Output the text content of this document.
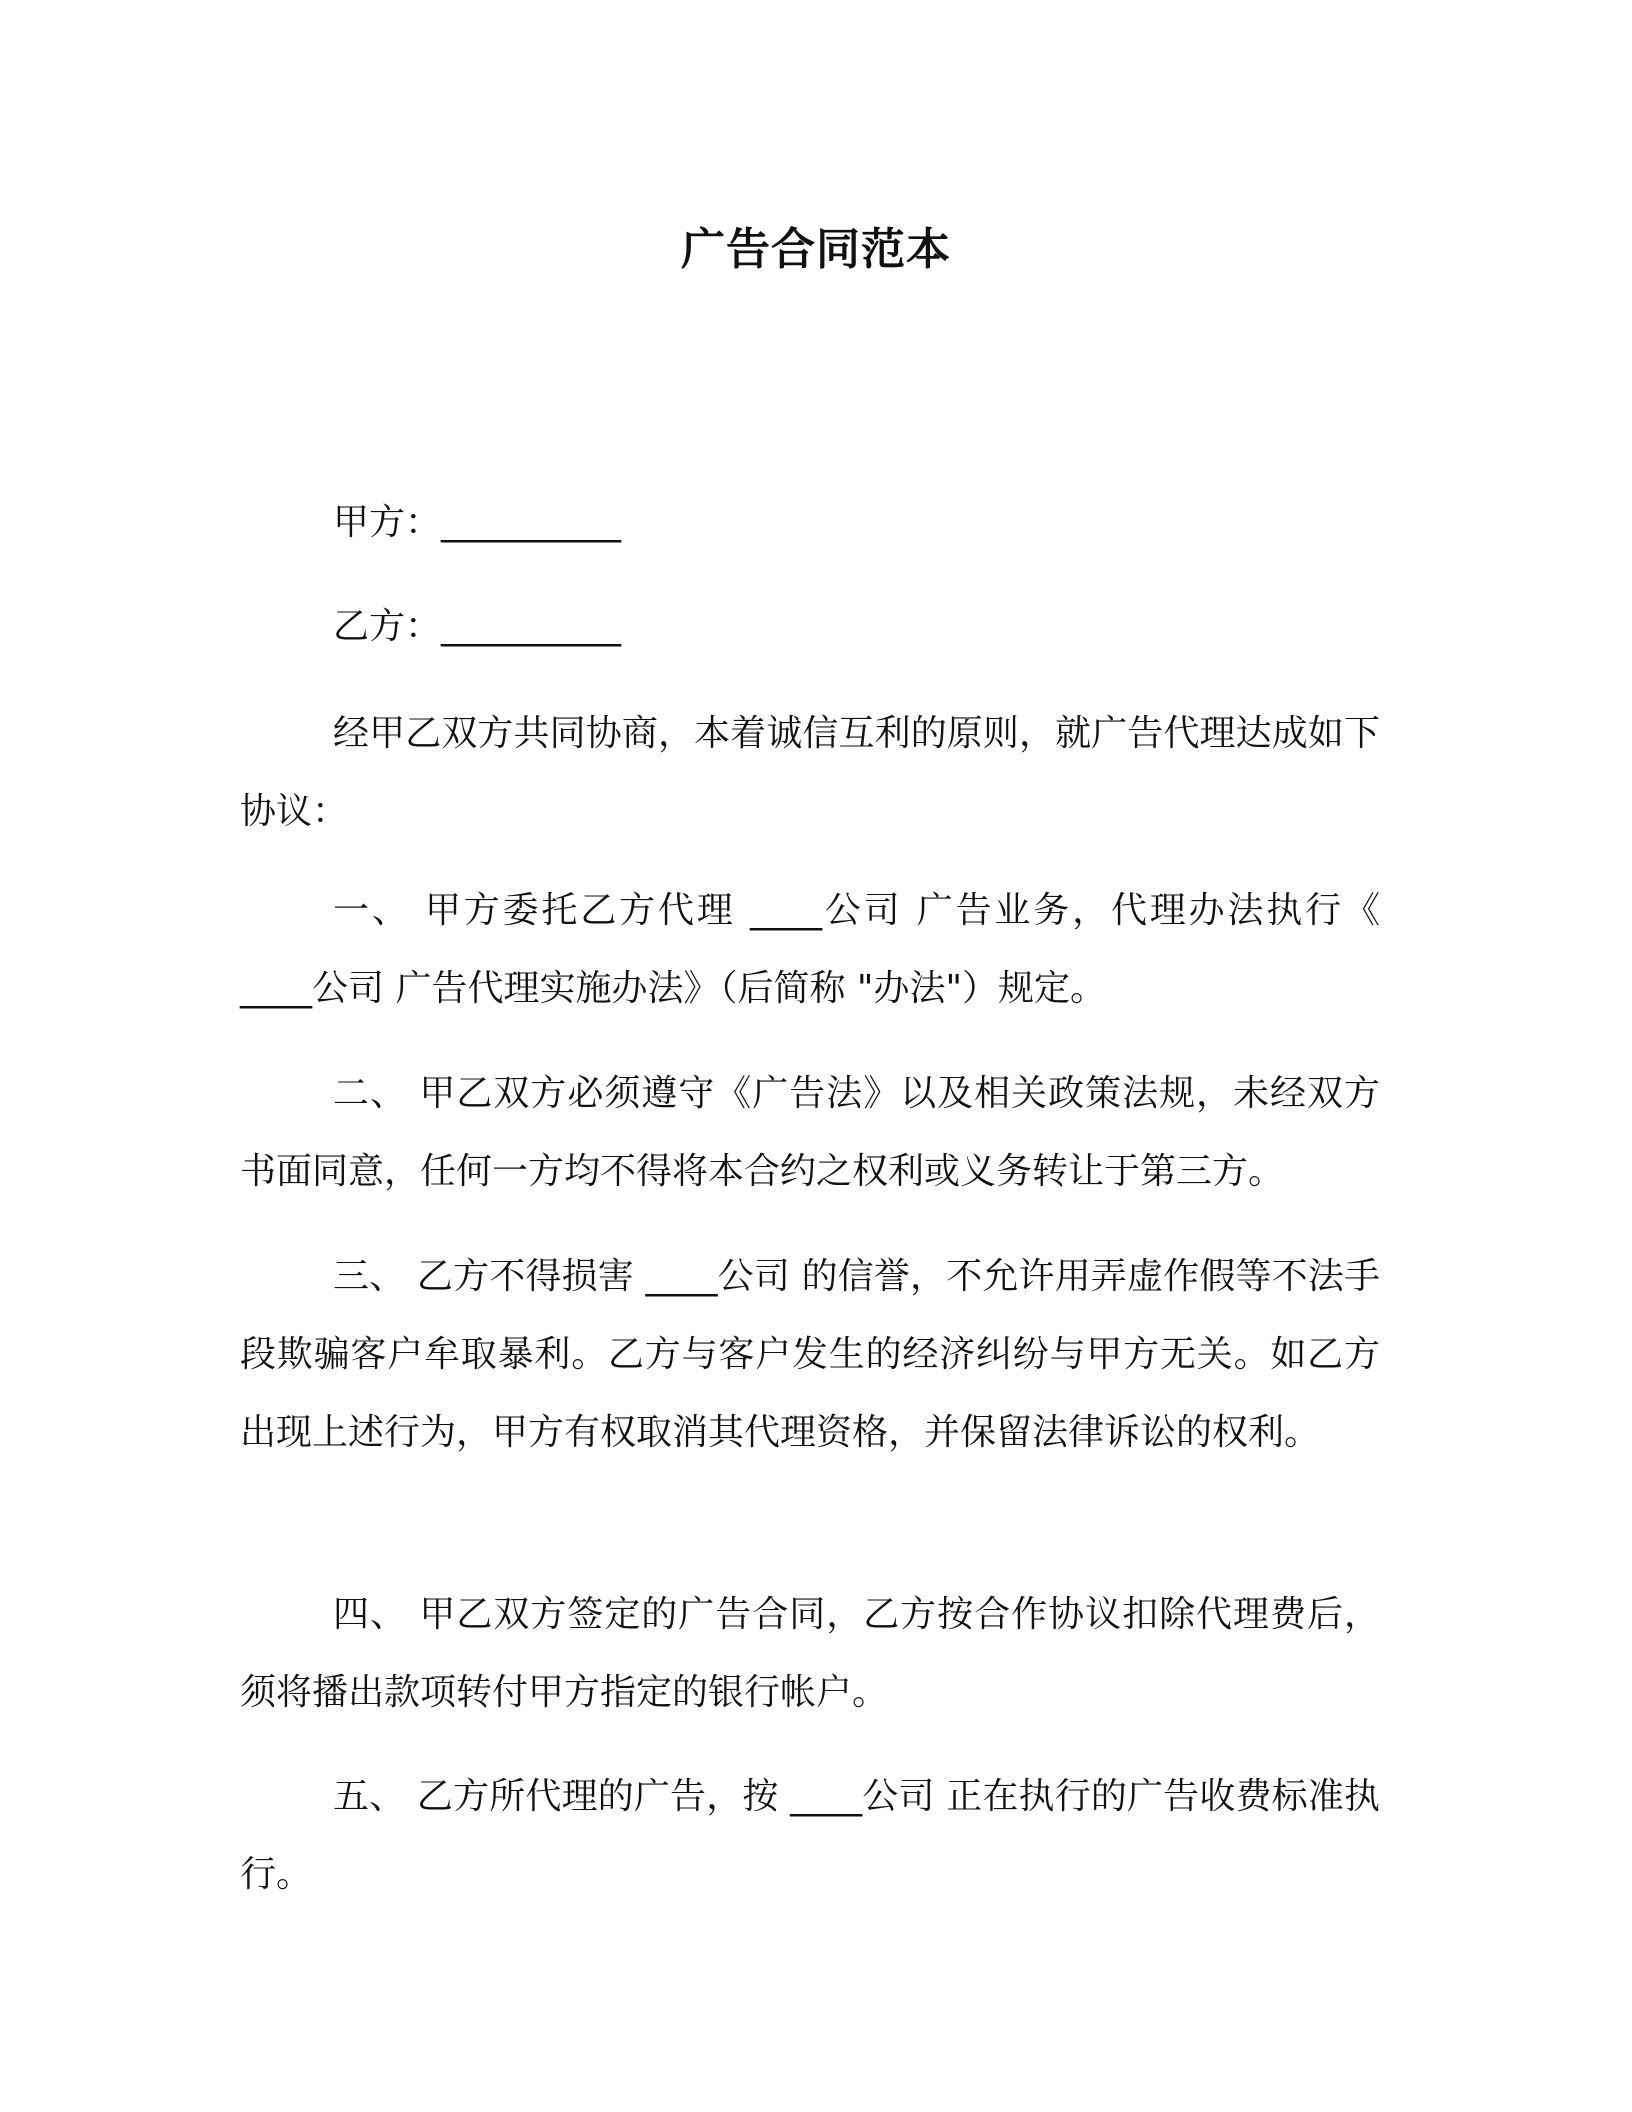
广告合同范本
甲方：__________
乙方：__________

经甲乙双方共同协商，本着诚信互利的原则，就广告代理达成如下协议：

一、 甲方委托乙方代理 ____公司 广告业务，代理办法执行《 ____公司 广告代理实施办法》（后简称 "办法"）规定。

二、 甲乙双方必须遵守《广告法》以及相关政策法规，未经双方书面同意，任何一方均不得将本合约之权利或义务转让于第三方。

三、 乙方不得损害 ____公司 的信誉，不允许用弄虚作假等不法手段欺骗客户牟取暴利。乙方与客户发生的经济纠纷与甲方无关。如乙方出现上述行为，甲方有权取消其代理资格，并保留法律诉讼的权利。

四、 甲乙双方签定的广告合同，乙方按合作协议扣除代理费后，须将播出款项转付甲方指定的银行帐户。

五、 乙方所代理的广告，按 ____公司 正在执行的广告收费标准执行。
